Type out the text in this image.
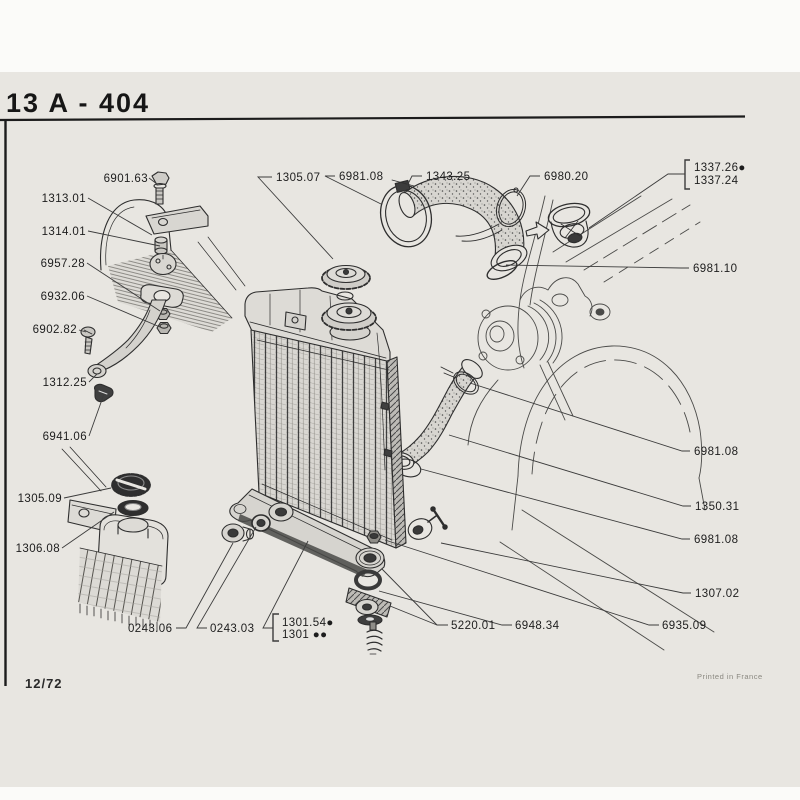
13 A - 404
6901.63
1313.01
1314.01
6957.28
6932.06
6902.82
1312.25
6941.06
1305.09
1306.08
1305.07 6981.08	1343.25	6980.20
1337.26●
1337.24
6981.10
6981.08
1350.31
6981.08
1307.02
0243.06	0243.03 1301.54●
1301 ●●
5220.01 6948.34	6935.09
12/72	Printed in France
